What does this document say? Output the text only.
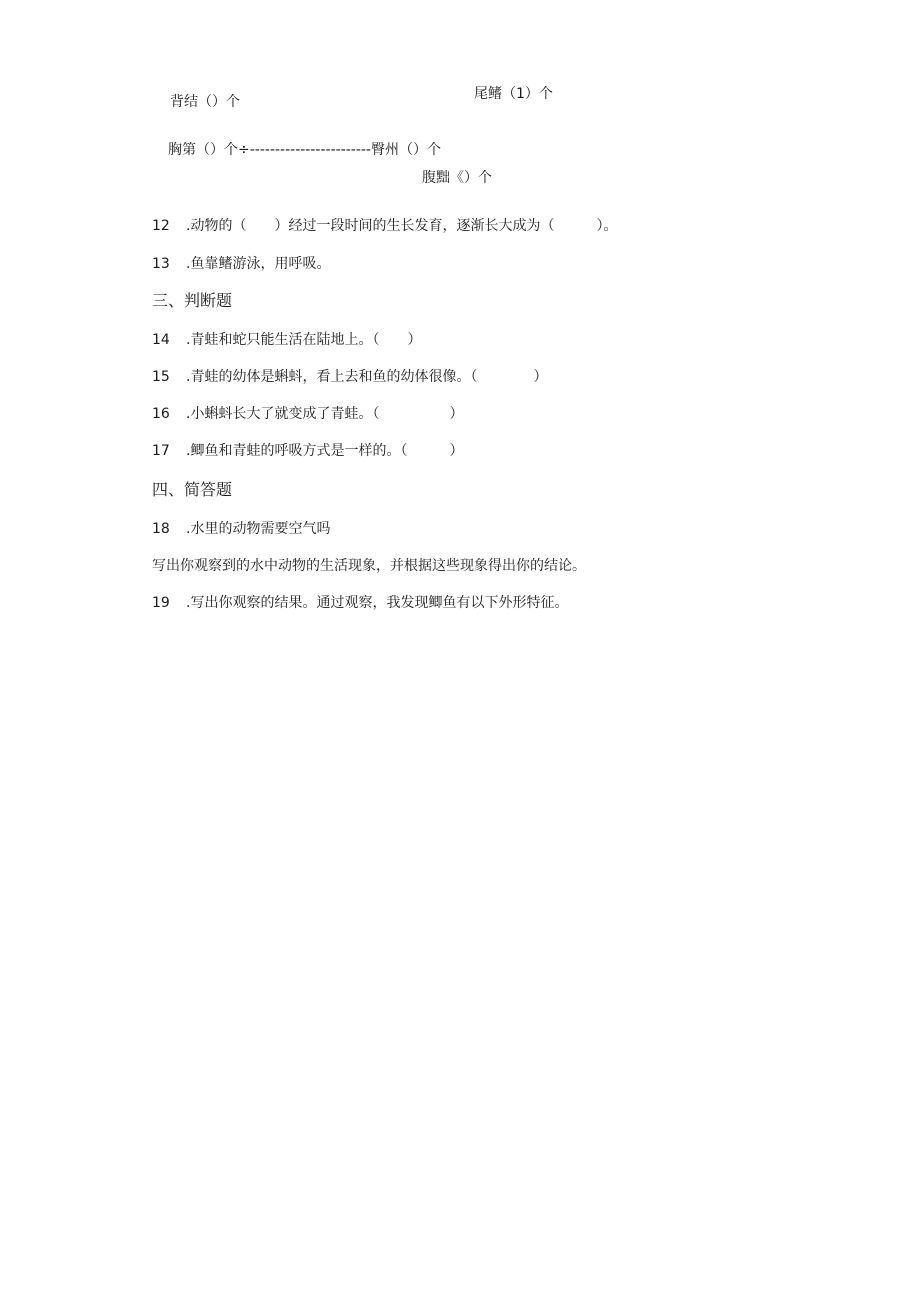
背结（）个	尾鳍（1）个
胸第（）个÷------------------------臀州（）个
腹黜《）个
12 .动物的（　　）经过一段时间的生长发育，逐渐长大成为（　　　）。
13 .鱼靠鳍游泳，用呼吸。
三、判断题
14 .青蛙和蛇只能生活在陆地上。（　　）
15 .青蛙的幼体是蝌蚪，看上去和鱼的幼体很像。（　　　　）
16 .小蝌蚪长大了就变成了青蛙。（　　　　　）
17 .鲫鱼和青蛙的呼吸方式是一样的。（　　　）
四、简答题
18 .水里的动物需要空气吗
写出你观察到的水中动物的生活现象，并根据这些现象得出你的结论。
19 .写出你观察的结果。通过观察，我发现鲫鱼有以下外形特征。
